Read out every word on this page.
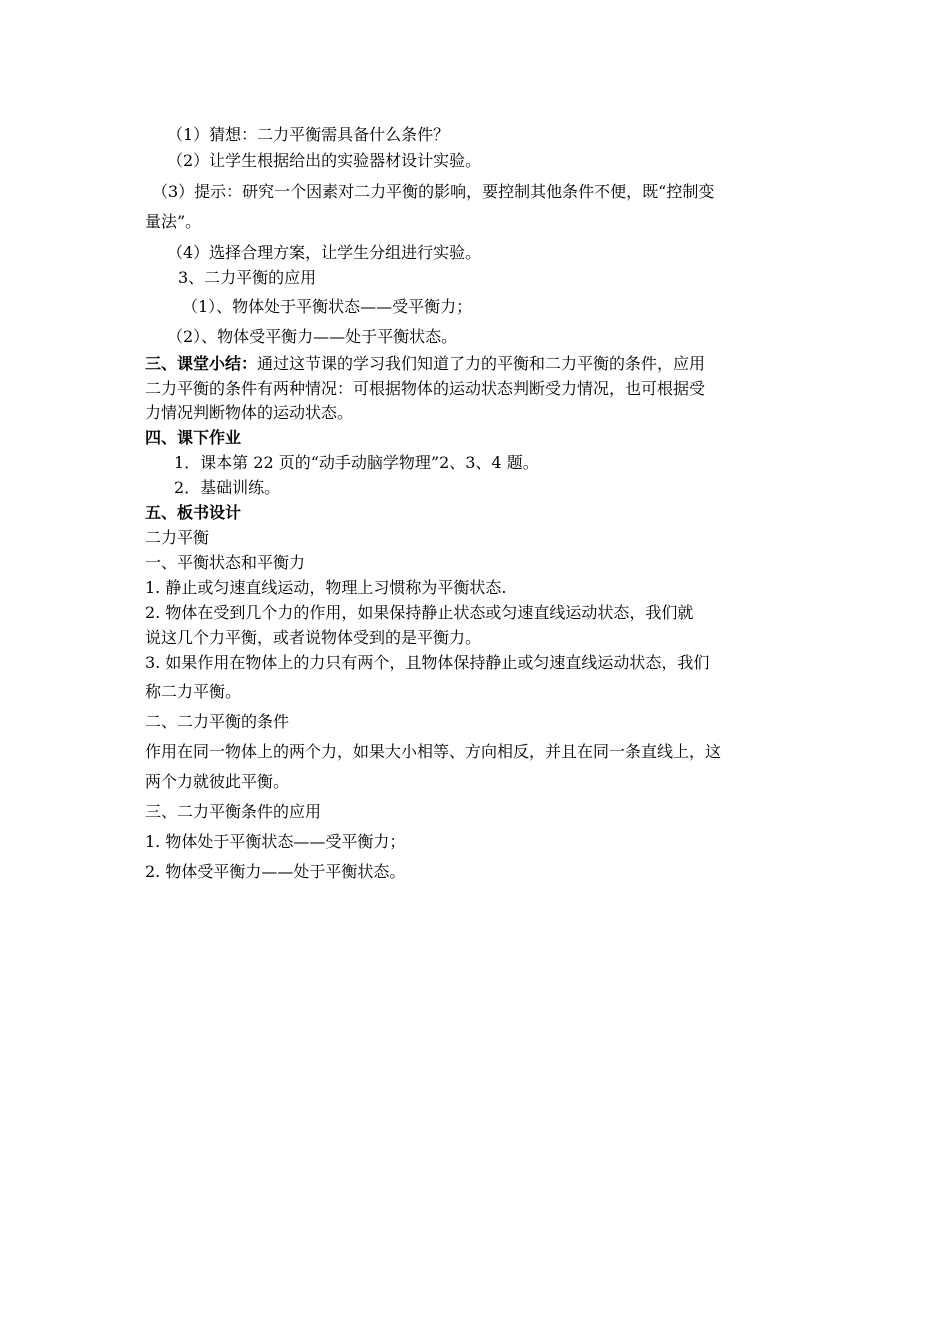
（1）猜想：二力平衡需具备什么条件？
（2）让学生根据给出的实验器材设计实验。
（3）提示：研究一个因素对二力平衡的影响，要控制其他条件不便，既“控制变
量法”。
（4）选择合理方案，让学生分组进行实验。
3、二力平衡的应用
（1）、物体处于平衡状态——受平衡力；
（2）、物体受平衡力——处于平衡状态。
三、课堂小结：通过这节课的学习我们知道了力的平衡和二力平衡的条件，应用
二力平衡的条件有两种情况：可根据物体的运动状态判断受力情况，也可根据受
力情况判断物体的运动状态。
四、课下作业
1．课本第 22 页的“动手动脑学物理”2、3、4 题。
2．基础训练。
五、板书设计
二力平衡
一、平衡状态和平衡力
1. 静止或匀速直线运动，物理上习惯称为平衡状态.
2. 物体在受到几个力的作用，如果保持静止状态或匀速直线运动状态，我们就
说这几个力平衡，或者说物体受到的是平衡力。
3. 如果作用在物体上的力只有两个，且物体保持静止或匀速直线运动状态，我们
称二力平衡。
二、二力平衡的条件
作用在同一物体上的两个力，如果大小相等、方向相反，并且在同一条直线上，这
两个力就彼此平衡。
三、二力平衡条件的应用
1. 物体处于平衡状态——受平衡力；
2. 物体受平衡力——处于平衡状态。
